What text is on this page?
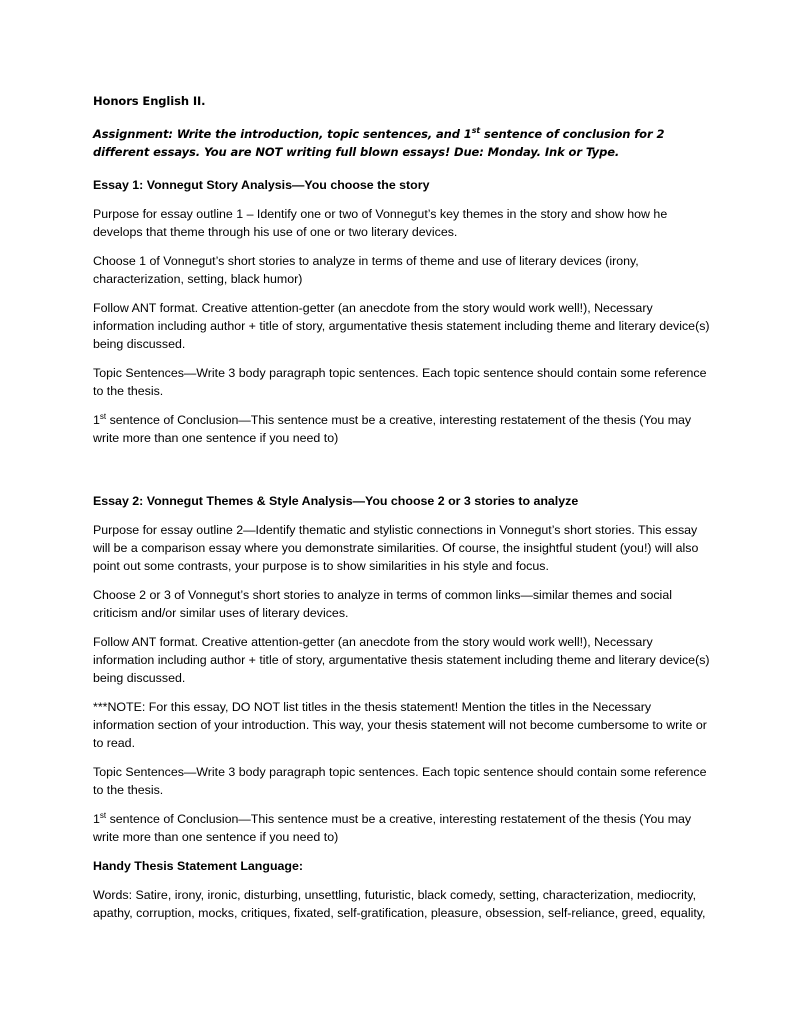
Honors English II.

Assignment: Write the introduction, topic sentences, and 1st sentence of conclusion for 2 different essays. You are NOT writing full blown essays! Due: Monday. Ink or Type.

Essay 1: Vonnegut Story Analysis—You choose the story

Purpose for essay outline 1 – Identify one or two of Vonnegut’s key themes in the story and show how he develops that theme through his use of one or two literary devices.

Choose 1 of Vonnegut’s short stories to analyze in terms of theme and use of literary devices (irony, characterization, setting, black humor)

Follow ANT format. Creative attention-getter (an anecdote from the story would work well!), Necessary information including author + title of story, argumentative thesis statement including theme and literary device(s) being discussed.

Topic Sentences—Write 3 body paragraph topic sentences. Each topic sentence should contain some reference to the thesis.

1st sentence of Conclusion—This sentence must be a creative, interesting restatement of the thesis (You may write more than one sentence if you need to)

Essay 2: Vonnegut Themes & Style Analysis—You choose 2 or 3 stories to analyze

Purpose for essay outline 2—Identify thematic and stylistic connections in Vonnegut’s short stories. This essay will be a comparison essay where you demonstrate similarities. Of course, the insightful student (you!) will also point out some contrasts, your purpose is to show similarities in his style and focus.

Choose 2 or 3 of Vonnegut’s short stories to analyze in terms of common links—similar themes and social criticism and/or similar uses of literary devices.

Follow ANT format. Creative attention-getter (an anecdote from the story would work well!), Necessary information including author + title of story, argumentative thesis statement including theme and literary device(s) being discussed.

***NOTE: For this essay, DO NOT list titles in the thesis statement! Mention the titles in the Necessary information section of your introduction. This way, your thesis statement will not become cumbersome to write or to read.

Topic Sentences—Write 3 body paragraph topic sentences. Each topic sentence should contain some reference to the thesis.

1st sentence of Conclusion—This sentence must be a creative, interesting restatement of the thesis (You may write more than one sentence if you need to)

Handy Thesis Statement Language:

Words: Satire, irony, ironic, disturbing, unsettling, futuristic, black comedy, setting, characterization, mediocrity, apathy, corruption, mocks, critiques, fixated, self-gratification, pleasure, obsession, self-reliance, greed, equality,
